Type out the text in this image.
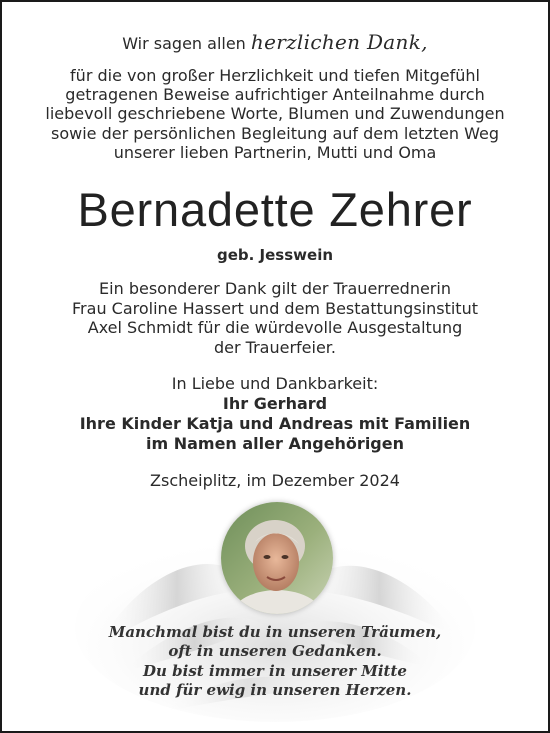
Wir sagen allen herzlichen Dank,
für die von großer Herzlichkeit und tiefen Mitgefühl
getragenen Beweise aufrichtiger Anteilnahme durch
liebevoll geschriebene Worte, Blumen und Zuwendungen
sowie der persönlichen Begleitung auf dem letzten Weg
unserer lieben Partnerin, Mutti und Oma
Bernadette Zehrer
geb. Jesswein
Ein besonderer Dank gilt der Trauerrednerin
Frau Caroline Hassert und dem Bestattungsinstitut
Axel Schmidt für die würdevolle Ausgestaltung
der Trauerfeier.
In Liebe und Dankbarkeit:
Ihr Gerhard
Ihre Kinder Katja und Andreas mit Familien
im Namen aller Angehörigen
Zscheiplitz, im Dezember 2024
Manchmal bist du in unseren Träumen,
oft in unseren Gedanken.
Du bist immer in unserer Mitte
und für ewig in unseren Herzen.
